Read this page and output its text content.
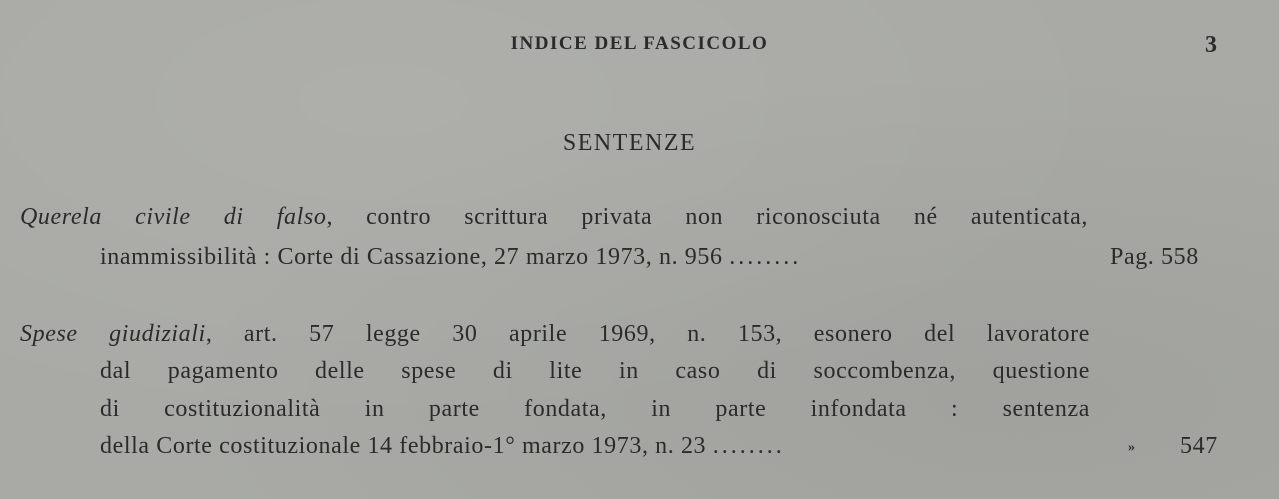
INDICE DEL FASCICOLO	3
SENTENZE
Querela civile di falso, contro scrittura privata non riconosciuta né autenticata,
inammissibilità : Corte di Cassazione, 27 marzo 1973, n. 956 ........	Pag. 558
Spese giudiziali, art. 57 legge 30 aprile 1969, n. 153, esonero del lavoratore
dal pagamento delle spese di lite in caso di soccombenza, questione
di costituzionalità in parte fondata, in parte infondata : sentenza
della Corte costituzionale 14 febbraio-1° marzo 1973, n. 23 ........	» 547
